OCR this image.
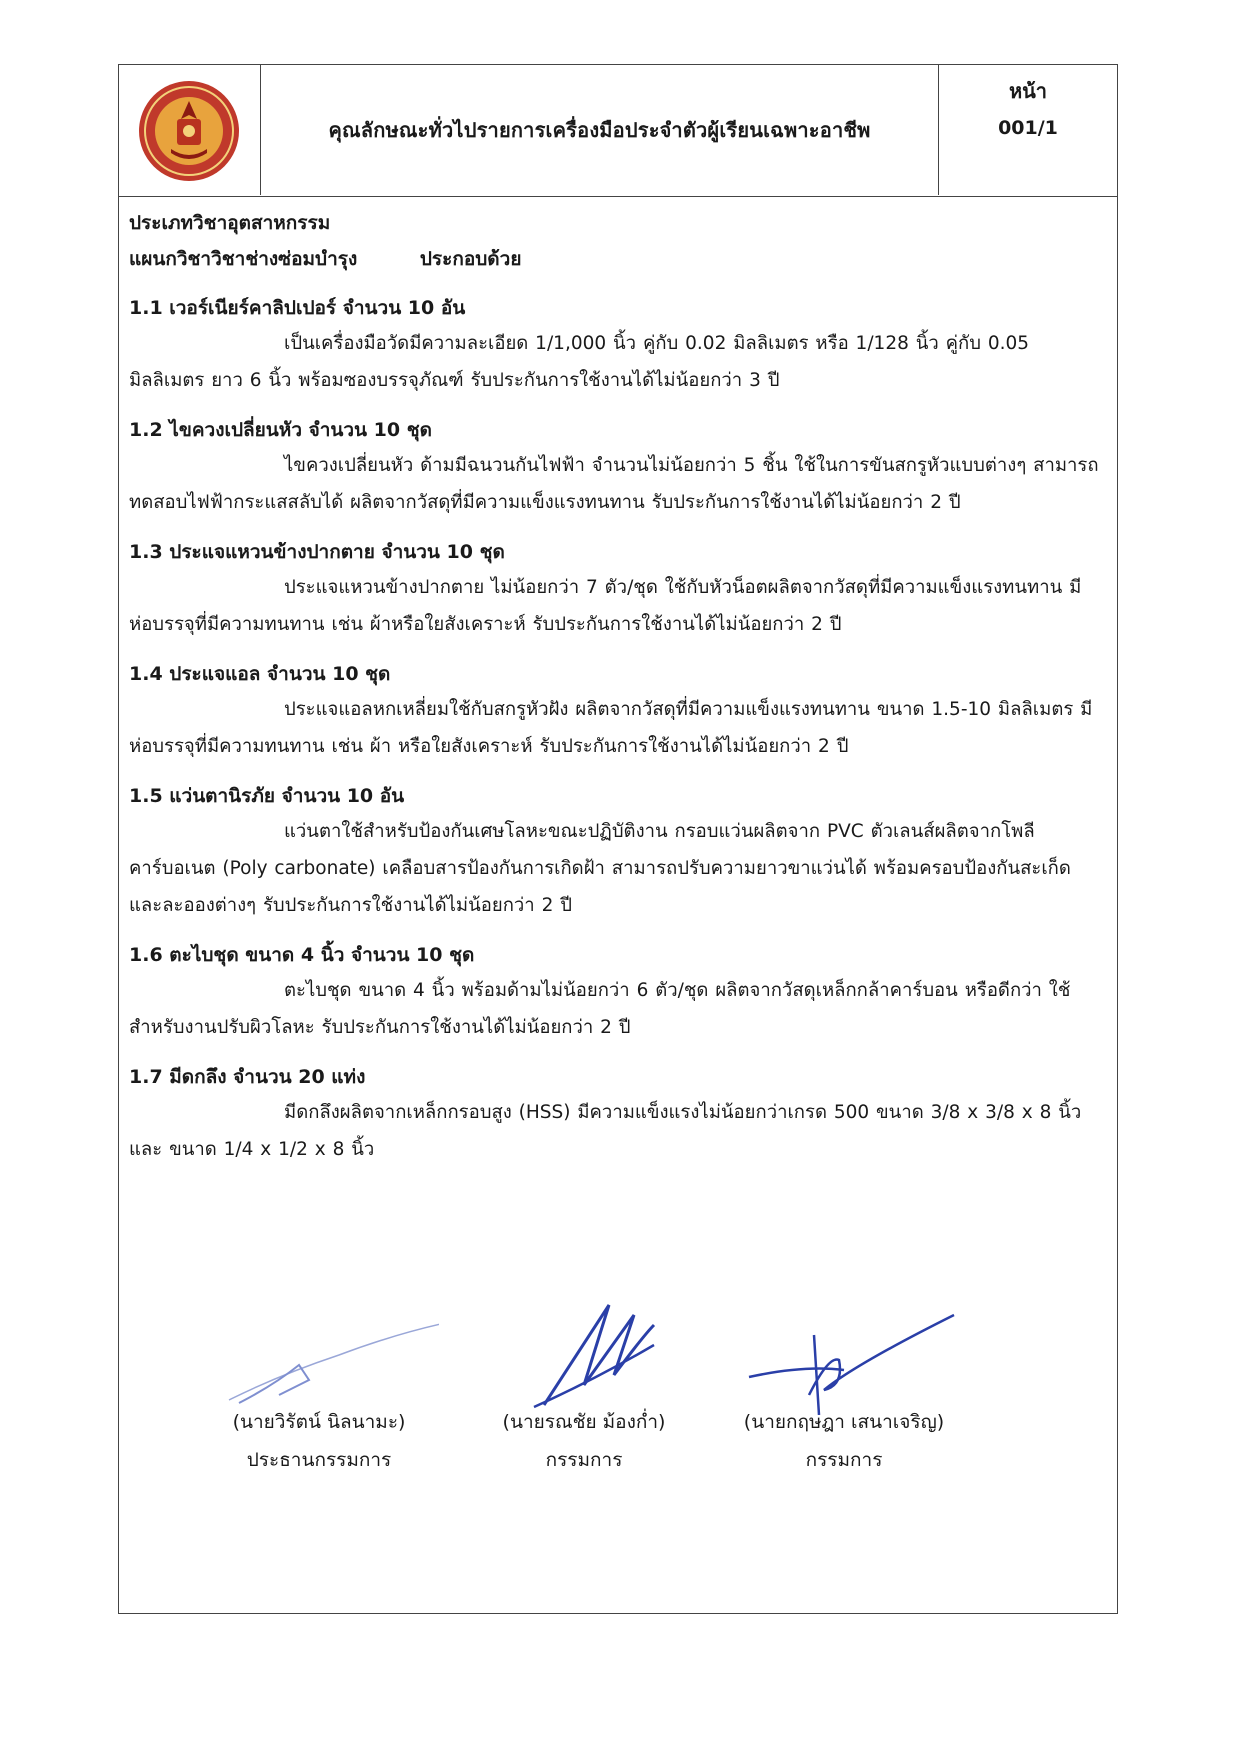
คุณลักษณะทั่วไปรายการเครื่องมือประจำตัวผู้เรียนเฉพาะอาชีพ
หน้า
001/1
ประเภทวิชาอุตสาหกรรม
แผนกวิชาวิชาช่างซ่อมบำรุง	ประกอบด้วย
1.1 เวอร์เนียร์คาลิปเปอร์ จำนวน 10 อัน
เป็นเครื่องมือวัดมีความละเอียด 1/1,000 นิ้ว คู่กับ 0.02 มิลลิเมตร หรือ 1/128 นิ้ว คู่กับ 0.05 มิลลิเมตร ยาว 6 นิ้ว พร้อมซองบรรจุภัณฑ์ รับประกันการใช้งานได้ไม่น้อยกว่า 3 ปี
1.2 ไขควงเปลี่ยนหัว จำนวน 10 ชุด
ไขควงเปลี่ยนหัว ด้ามมีฉนวนกันไฟฟ้า จำนวนไม่น้อยกว่า 5 ชิ้น ใช้ในการขันสกรูหัวแบบต่างๆ สามารถทดสอบไฟฟ้ากระแสสลับได้ ผลิตจากวัสดุที่มีความแข็งแรงทนทาน รับประกันการใช้งานได้ไม่น้อยกว่า 2 ปี
1.3 ประแจแหวนข้างปากตาย จำนวน 10 ชุด
ประแจแหวนข้างปากตาย ไม่น้อยกว่า 7 ตัว/ชุด ใช้กับหัวน็อตผลิตจากวัสดุที่มีความแข็งแรงทนทาน มีห่อบรรจุที่มีความทนทาน เช่น ผ้าหรือใยสังเคราะห์ รับประกันการใช้งานได้ไม่น้อยกว่า 2 ปี
1.4 ประแจแอล จำนวน 10 ชุด
ประแจแอลหกเหลี่ยมใช้กับสกรูหัวฝัง ผลิตจากวัสดุที่มีความแข็งแรงทนทาน ขนาด 1.5-10 มิลลิเมตร มีห่อบรรจุที่มีความทนทาน เช่น ผ้า หรือใยสังเคราะห์ รับประกันการใช้งานได้ไม่น้อยกว่า 2 ปี
1.5 แว่นตานิรภัย จำนวน 10 อัน
แว่นตาใช้สำหรับป้องกันเศษโลหะขณะปฏิบัติงาน กรอบแว่นผลิตจาก PVC ตัวเลนส์ผลิตจากโพลีคาร์บอเนต (Poly carbonate) เคลือบสารป้องกันการเกิดฝ้า สามารถปรับความยาวขาแว่นได้ พร้อมครอบป้องกันสะเก็ด และละอองต่างๆ รับประกันการใช้งานได้ไม่น้อยกว่า 2 ปี
1.6 ตะไบชุด ขนาด 4 นิ้ว จำนวน 10 ชุด
ตะไบชุด ขนาด 4 นิ้ว พร้อมด้ามไม่น้อยกว่า 6 ตัว/ชุด ผลิตจากวัสดุเหล็กกล้าคาร์บอน หรือดีกว่า ใช้สำหรับงานปรับผิวโลหะ รับประกันการใช้งานได้ไม่น้อยกว่า 2 ปี
1.7 มีดกลึง จำนวน 20 แท่ง
มีดกลึงผลิตจากเหล็กกรอบสูง (HSS) มีความแข็งแรงไม่น้อยกว่าเกรด 500 ขนาด 3/8 x 3/8 x 8 นิ้ว และ ขนาด 1/4 x 1/2 x 8 นิ้ว
(นายวิรัตน์ นิลนามะ)
ประธานกรรมการ
(นายรณชัย ม้องก่ำ)
กรรมการ
(นายกฤษฎา เสนาเจริญ)
กรรมการ
